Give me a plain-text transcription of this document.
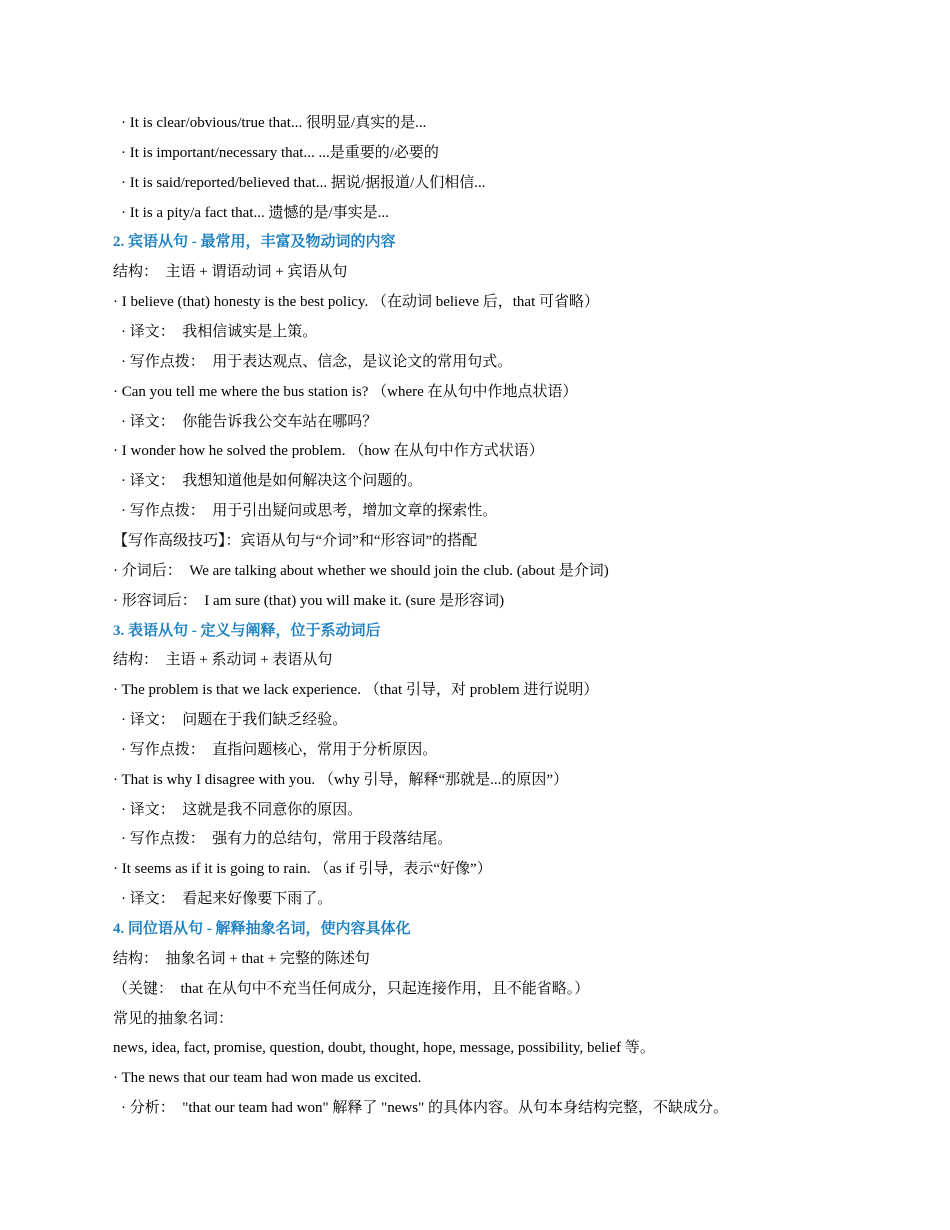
· It is clear/obvious/true that... 很明显/真实的是...
· It is important/necessary that... ...是重要的/必要的
· It is said/reported/believed that... 据说/据报道/人们相信...
· It is a pity/a fact that... 遗憾的是/事实是...
2. 宾语从句 - 最常用，丰富及物动词的内容
结构：  主语 + 谓语动词 + 宾语从句
· I believe (that) honesty is the best policy. （在动词 believe 后，that 可省略）
· 译文：  我相信诚实是上策。
· 写作点拨：  用于表达观点、信念，是议论文的常用句式。
· Can you tell me where the bus station is? （where 在从句中作地点状语）
· 译文：  你能告诉我公交车站在哪吗？
· I wonder how he solved the problem. （how 在从句中作方式状语）
· 译文：  我想知道他是如何解决这个问题的。
· 写作点拨：  用于引出疑问或思考，增加文章的探索性。
【写作高级技巧】：宾语从句与“介词”和“形容词”的搭配
· 介词后：  We are talking about whether we should join the club. (about 是介词)
· 形容词后：  I am sure (that) you will make it. (sure 是形容词)
3. 表语从句 - 定义与阐释，位于系动词后
结构：  主语 + 系动词 + 表语从句
· The problem is that we lack experience. （that 引导，对 problem 进行说明）
· 译文：  问题在于我们缺乏经验。
· 写作点拨：  直指问题核心，常用于分析原因。
· That is why I disagree with you. （why 引导，解释“那就是...的原因”）
· 译文：  这就是我不同意你的原因。
· 写作点拨：  强有力的总结句，常用于段落结尾。
· It seems as if it is going to rain. （as if 引导，表示“好像”）
· 译文：  看起来好像要下雨了。
4. 同位语从句 - 解释抽象名词，使内容具体化
结构：  抽象名词 + that + 完整的陈述句
（关键：  that 在从句中不充当任何成分，只起连接作用，且不能省略。）
常见的抽象名词：
news, idea, fact, promise, question, doubt, thought, hope, message, possibility, belief 等。
· The news that our team had won made us excited.
· 分析：  "that our team had won" 解释了 "news" 的具体内容。从句本身结构完整，不缺成分。
